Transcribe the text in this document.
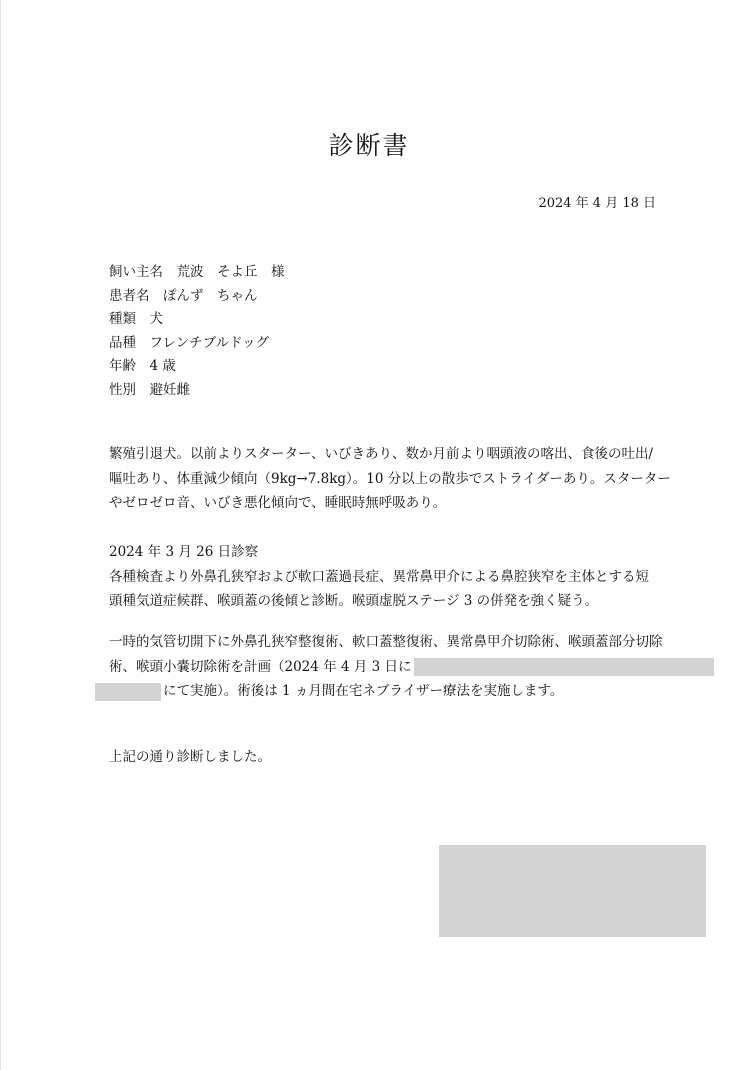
診断書
2024 年 4 月 18 日
飼い主名　荒波　そよ丘　様
患者名　ぽんず　ちゃん
種類　犬
品種　フレンチブルドッグ
年齢　4 歳
性別　避妊雌
繁殖引退犬。以前よりスターター、いびきあり、数か月前より咽頭液の喀出、食後の吐出/
嘔吐あり、体重減少傾向（9kg→7.8kg）。10 分以上の散歩でストライダーあり。スターター
やゼロゼロ音、いびき悪化傾向で、睡眠時無呼吸あり。
2024 年 3 月 26 日診察
各種検査より外鼻孔狭窄および軟口蓋過長症、異常鼻甲介による鼻腔狭窄を主体とする短
頭種気道症候群、喉頭蓋の後傾と診断。喉頭虚脱ステージ 3 の併発を強く疑う。
一時的気管切開下に外鼻孔狭窄整復術、軟口蓋整復術、異常鼻甲介切除術、喉頭蓋部分切除
術、喉頭小嚢切除術を計画（2024 年 4 月 3 日に
にて実施）。術後は 1 ヵ月間在宅ネブライザー療法を実施します。
上記の通り診断しました。
